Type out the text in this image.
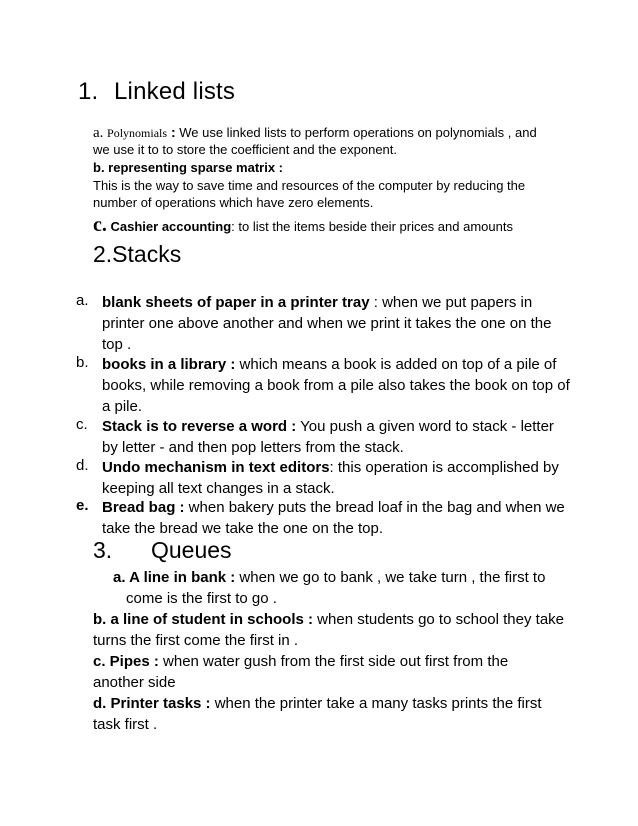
1. Linked lists
a. Polynomials : We use linked lists to perform operations on polynomials , and
we use it to to store the coefficient and the exponent.
b. representing sparse matrix :
This is the way to save time and resources of the computer by reducing the
number of operations which have zero elements.
c. Cashier accounting: to list the items beside their prices and amounts
2.Stacks
a. blank sheets of paper in a printer tray : when we put papers in printer one above another and when we print it takes the one on the top .
b. books in a library : which means a book is added on top of a pile of books, while removing a book from a pile also takes the book on top of a pile.
c. Stack is to reverse a word : You push a given word to stack - letter by letter - and then pop letters from the stack.
d. Undo mechanism in text editors: this operation is accomplished by keeping all text changes in a stack.
e. Bread bag : when bakery puts the bread loaf in the bag and when we take the bread we take the one on the top.
3. Queues
a. A line in bank : when we go to bank , we take turn , the first to
come is the first to go .
b. a line of student in schools : when students go to school they take
turns the first come the first in .
c. Pipes : when water gush from the first side out first from the
another side
d. Printer tasks : when the printer take a many tasks prints the first
task first .
